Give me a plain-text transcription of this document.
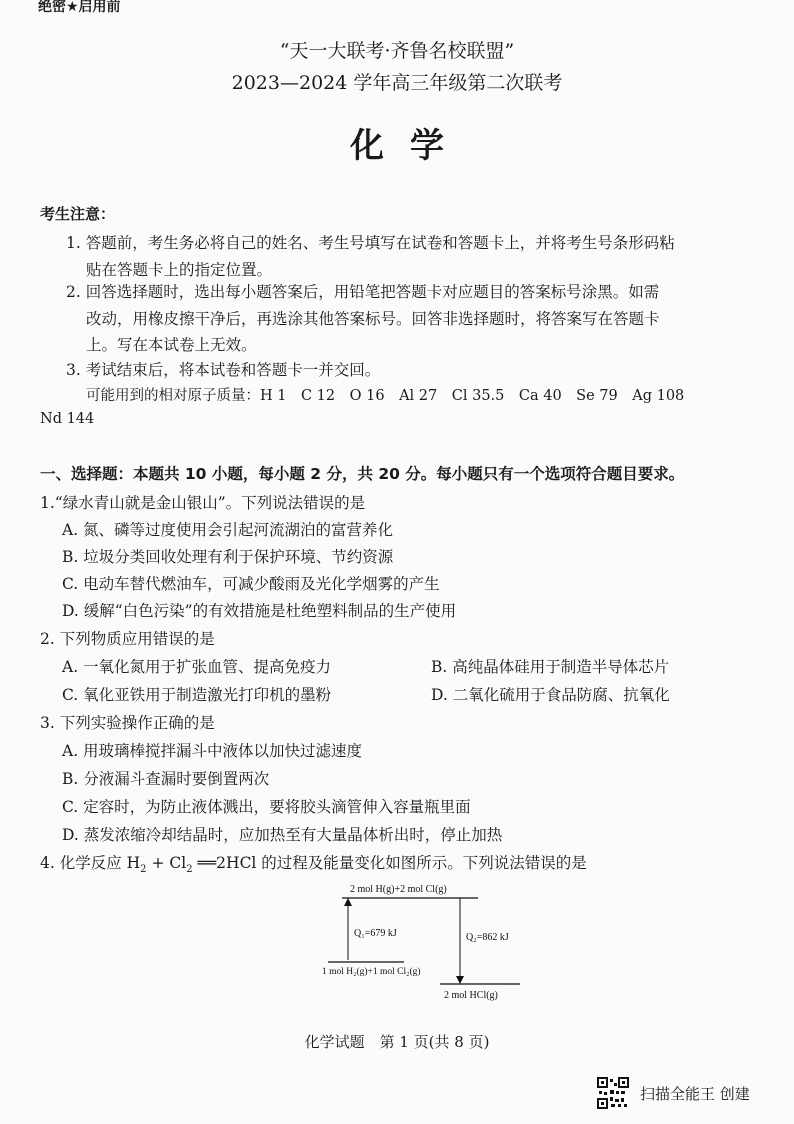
绝密★启用前
“天一大联考·齐鲁名校联盟”
2023—2024 学年高三年级第二次联考
化学
考生注意：
1. 答题前，考生务必将自己的姓名、考生号填写在试卷和答题卡上，并将考生号条形码粘
贴在答题卡上的指定位置。
2. 回答选择题时，选出每小题答案后，用铅笔把答题卡对应题目的答案标号涂黑。如需
改动，用橡皮擦干净后，再选涂其他答案标号。回答非选择题时，将答案写在答题卡
上。写在本试卷上无效。
3. 考试结束后，将本试卷和答题卡一并交回。
可能用到的相对原子质量：H 1　C 12　O 16　Al 27　Cl 35.5　Ca 40　Se 79　Ag 108
Nd 144
一、选择题：本题共 10 小题，每小题 2 分，共 20 分。每小题只有一个选项符合题目要求。
1.“绿水青山就是金山银山”。下列说法错误的是
A. 氮、磷等过度使用会引起河流湖泊的富营养化
B. 垃圾分类回收处理有利于保护环境、节约资源
C. 电动车替代燃油车，可减少酸雨及光化学烟雾的产生
D. 缓解“白色污染”的有效措施是杜绝塑料制品的生产使用
2. 下列物质应用错误的是
A. 一氧化氮用于扩张血管、提高免疫力	B. 高纯晶体硅用于制造半导体芯片
C. 氧化亚铁用于制造激光打印机的墨粉	D. 二氧化硫用于食品防腐、抗氧化
3. 下列实验操作正确的是
A. 用玻璃棒搅拌漏斗中液体以加快过滤速度
B. 分液漏斗查漏时要倒置两次
C. 定容时，为防止液体溅出，要将胶头滴管伸入容量瓶里面
D. 蒸发浓缩冷却结晶时，应加热至有大量晶体析出时，停止加热
4. 化学反应 $H_2 + Cl_2$ ══2HCl 的过程及能量变化如图所示。下列说法错误的是
2 mol H(g)+2 mol Cl(g)
Q₁=679 kJ	Q₂=862 kJ
1 mol H₂(g)+1 mol Cl₂(g)
2 mol HCl(g)
化学试题　第 1 页(共 8 页)
扫描全能王 创建
